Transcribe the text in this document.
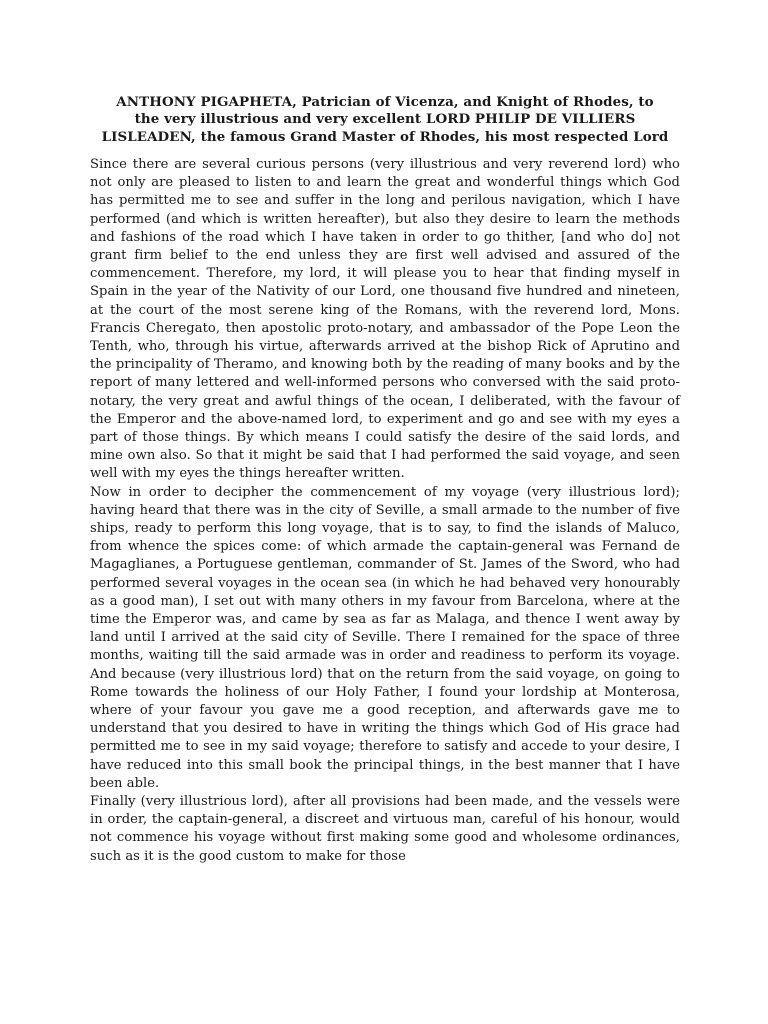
ANTHONY PIGAPHETA, Patrician of Vicenza, and Knight of Rhodes, to
the very illustrious and very excellent LORD PHILIP DE VILLIERS
LISLEADEN, the famous Grand Master of Rhodes, his most respected Lord

Since there are several curious persons (very illustrious and very reverend lord) who not only are pleased to listen to and learn the great and wonderful things which God has permitted me to see and suffer in the long and perilous navigation, which I have performed (and which is written hereafter), but also they desire to learn the methods and fashions of the road which I have taken in order to go thither, [and who do] not grant firm belief to the end unless they are first well advised and assured of the commencement. Therefore, my lord, it will please you to hear that finding myself in Spain in the year of the Nativity of our Lord, one thousand five hundred and nineteen, at the court of the most serene king of the Romans, with the reverend lord, Mons. Francis Cheregato, then apostolic proto-notary, and ambassador of the Pope Leon the Tenth, who, through his virtue, afterwards arrived at the bishop Rick of Aprutino and the principality of Theramo, and knowing both by the reading of many books and by the report of many lettered and well-informed persons who conversed with the said proto-notary, the very great and awful things of the ocean, I deliberated, with the favour of the Emperor and the above-named lord, to experiment and go and see with my eyes a part of those things. By which means I could satisfy the desire of the said lords, and mine own also. So that it might be said that I had performed the said voyage, and seen well with my eyes the things hereafter written.

Now in order to decipher the commencement of my voyage (very illustrious lord); having heard that there was in the city of Seville, a small armade to the number of five ships, ready to perform this long voyage, that is to say, to find the islands of Maluco, from whence the spices come: of which armade the captain-general was Fernand de Magaglianes, a Portuguese gentleman, commander of St. James of the Sword, who had performed several voyages in the ocean sea (in which he had behaved very honourably as a good man), I set out with many others in my favour from Barcelona, where at the time the Emperor was, and came by sea as far as Malaga, and thence I went away by land until I arrived at the said city of Seville. There I remained for the space of three months, waiting till the said armade was in order and readiness to perform its voyage. And because (very illustrious lord) that on the return from the said voyage, on going to Rome towards the holiness of our Holy Father, I found your lordship at Monterosa, where of your favour you gave me a good reception, and afterwards gave me to understand that you desired to have in writing the things which God of His grace had permitted me to see in my said voyage; therefore to satisfy and accede to your desire, I have reduced into this small book the principal things, in the best manner that I have been able.

Finally (very illustrious lord), after all provisions had been made, and the vessels were in order, the captain-general, a discreet and virtuous man, careful of his honour, would not commence his voyage without first making some good and wholesome ordinances, such as it is the good custom to make for those
